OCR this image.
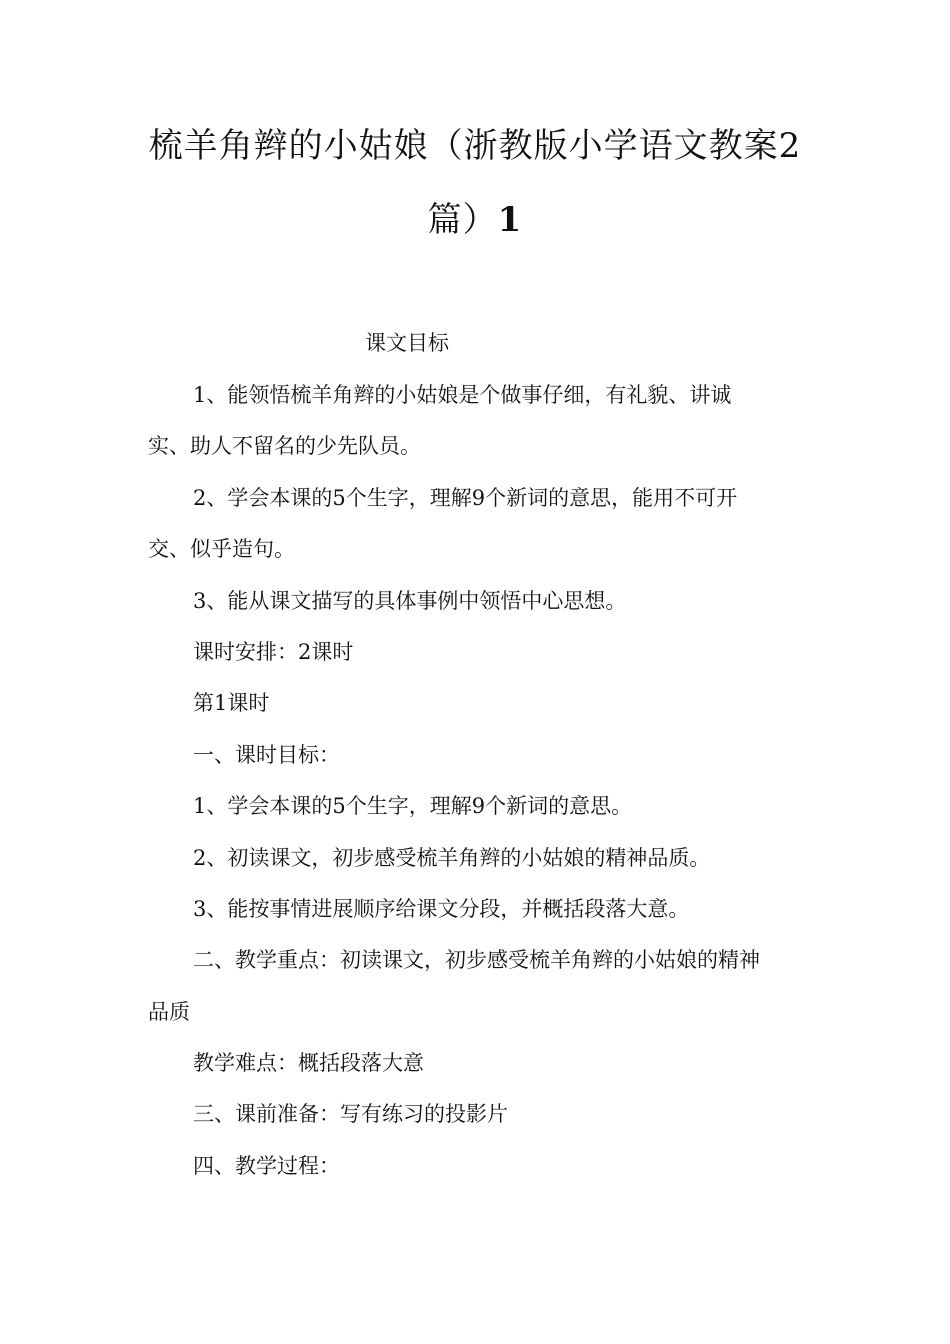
梳羊角辫的小姑娘（浙教版小学语文教案2
篇）1

课文目标

1、能领悟梳羊角辫的小姑娘是个做事仔细，有礼貌、讲诚

实、助人不留名的少先队员。

2、学会本课的5个生字，理解9个新词的意思，能用不可开

交、似乎造句。

3、能从课文描写的具体事例中领悟中心思想。

课时安排：2课时

第1课时

一、课时目标：

1、学会本课的5个生字，理解9个新词的意思。

2、初读课文，初步感受梳羊角辫的小姑娘的精神品质。

3、能按事情进展顺序给课文分段，并概括段落大意。

二、教学重点：初读课文，初步感受梳羊角辫的小姑娘的精神

品质

教学难点：概括段落大意

三、课前准备：写有练习的投影片

四、教学过程：
